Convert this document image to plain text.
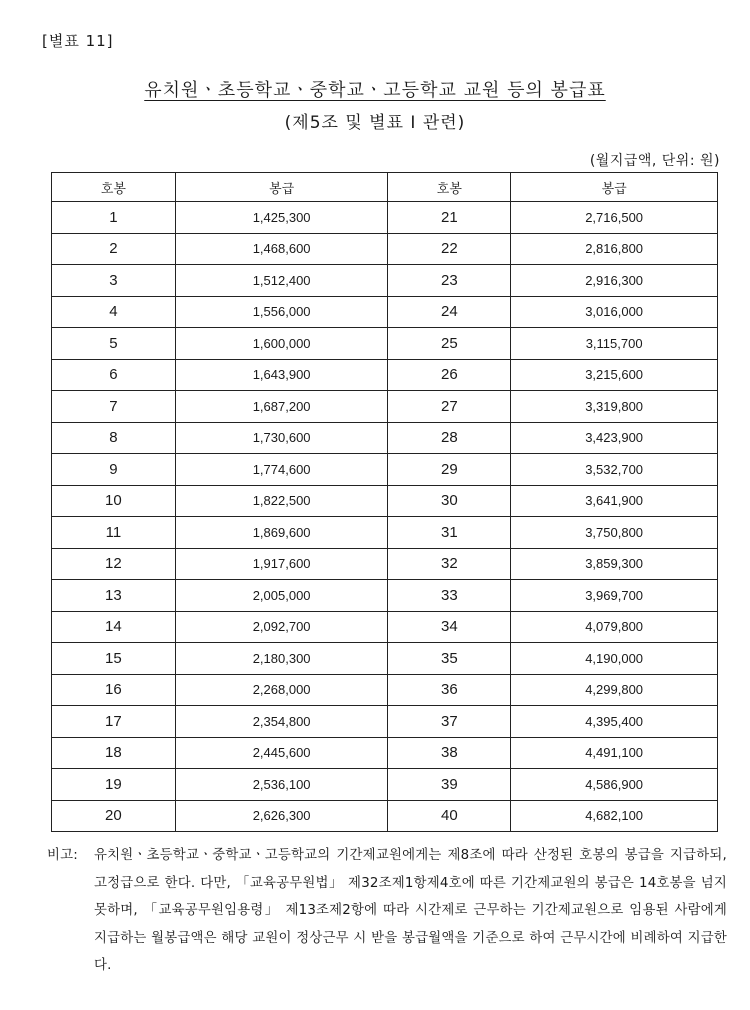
[별표 11]
유치원ㆍ초등학교ㆍ중학교ㆍ고등학교 교원 등의 봉급표
(제5조 및 별표 Ⅰ 관련)
(월지급액, 단위: 원)
호봉	봉급	호봉	봉급
1	1,425,300	21	2,716,500
2	1,468,600	22	2,816,800
3	1,512,400	23	2,916,300
4	1,556,000	24	3,016,000
5	1,600,000	25	3,115,700
6	1,643,900	26	3,215,600
7	1,687,200	27	3,319,800
8	1,730,600	28	3,423,900
9	1,774,600	29	3,532,700
10	1,822,500	30	3,641,900
11	1,869,600	31	3,750,800
12	1,917,600	32	3,859,300
13	2,005,000	33	3,969,700
14	2,092,700	34	4,079,800
15	2,180,300	35	4,190,000
16	2,268,000	36	4,299,800
17	2,354,800	37	4,395,400
18	2,445,600	38	4,491,100
19	2,536,100	39	4,586,900
20	2,626,300	40	4,682,100
비고: 유치원ㆍ초등학교ㆍ중학교ㆍ고등학교의 기간제교원에게는 제8조에 따라 산정된 호봉의 봉급을 지급하되, 고정급으로 한다. 다만, 「교육공무원법」 제32조제1항제4호에 따른 기간제교원의 봉급은 14호봉을 넘지 못하며, 「교육공무원임용령」 제13조제2항에 따라 시간제로 근무하는 기간제교원으로 임용된 사람에게 지급하는 월봉급액은 해당 교원이 정상근무 시 받을 봉급월액을 기준으로 하여 근무시간에 비례하여 지급한다.
